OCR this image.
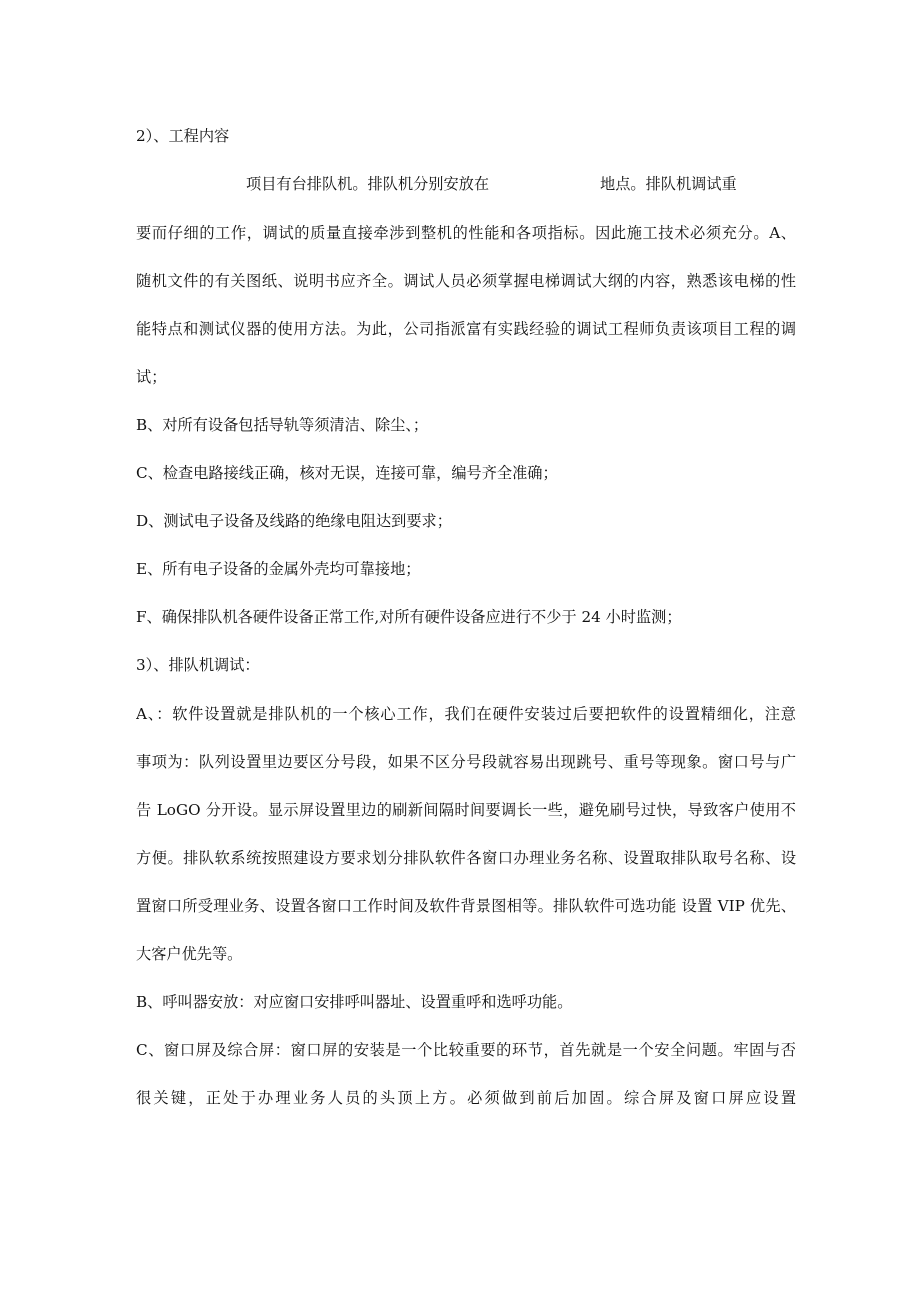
2）、工程内容
项目有台排队机。排队机分别安放在	地点。排队机调试重
要而仔细的工作，调试的质量直接牵涉到整机的性能和各项指标。因此施工技术必须充分。A、
随机文件的有关图纸、说明书应齐全。调试人员必须掌握电梯调试大纲的内容，熟悉该电梯的性
能特点和测试仪器的使用方法。为此，公司指派富有实践经验的调试工程师负责该项目工程的调
试；
B、对所有设备包括导轨等须清洁、除尘、；
C、检查电路接线正确，核对无误，连接可靠，编号齐全准确；
D、测试电子设备及线路的绝缘电阻达到要求；
E、所有电子设备的金属外壳均可靠接地；
F、确保排队机各硬件设备正常工作,对所有硬件设备应进行不少于 24 小时监测；
3）、排队机调试：
A、：软件设置就是排队机的一个核心工作，我们在硬件安装过后要把软件的设置精细化，注意
事项为：队列设置里边要区分号段，如果不区分号段就容易出现跳号、重号等现象。窗口号与广
告 LoGO 分开设。显示屏设置里边的刷新间隔时间要调长一些，避免刷号过快，导致客户使用不
方便。排队软系统按照建设方要求划分排队软件各窗口办理业务名称、设置取排队取号名称、设
置窗口所受理业务、设置各窗口工作时间及软件背景图相等。排队软件可选功能 设置 VIP 优先、
大客户优先等。
B、呼叫器安放：对应窗口安排呼叫器址、设置重呼和选呼功能。
C、窗口屏及综合屏：窗口屏的安装是一个比较重要的环节，首先就是一个安全问题。牢固与否
很关键，正处于办理业务人员的头顶上方。必须做到前后加固。综合屏及窗口屏应设置
